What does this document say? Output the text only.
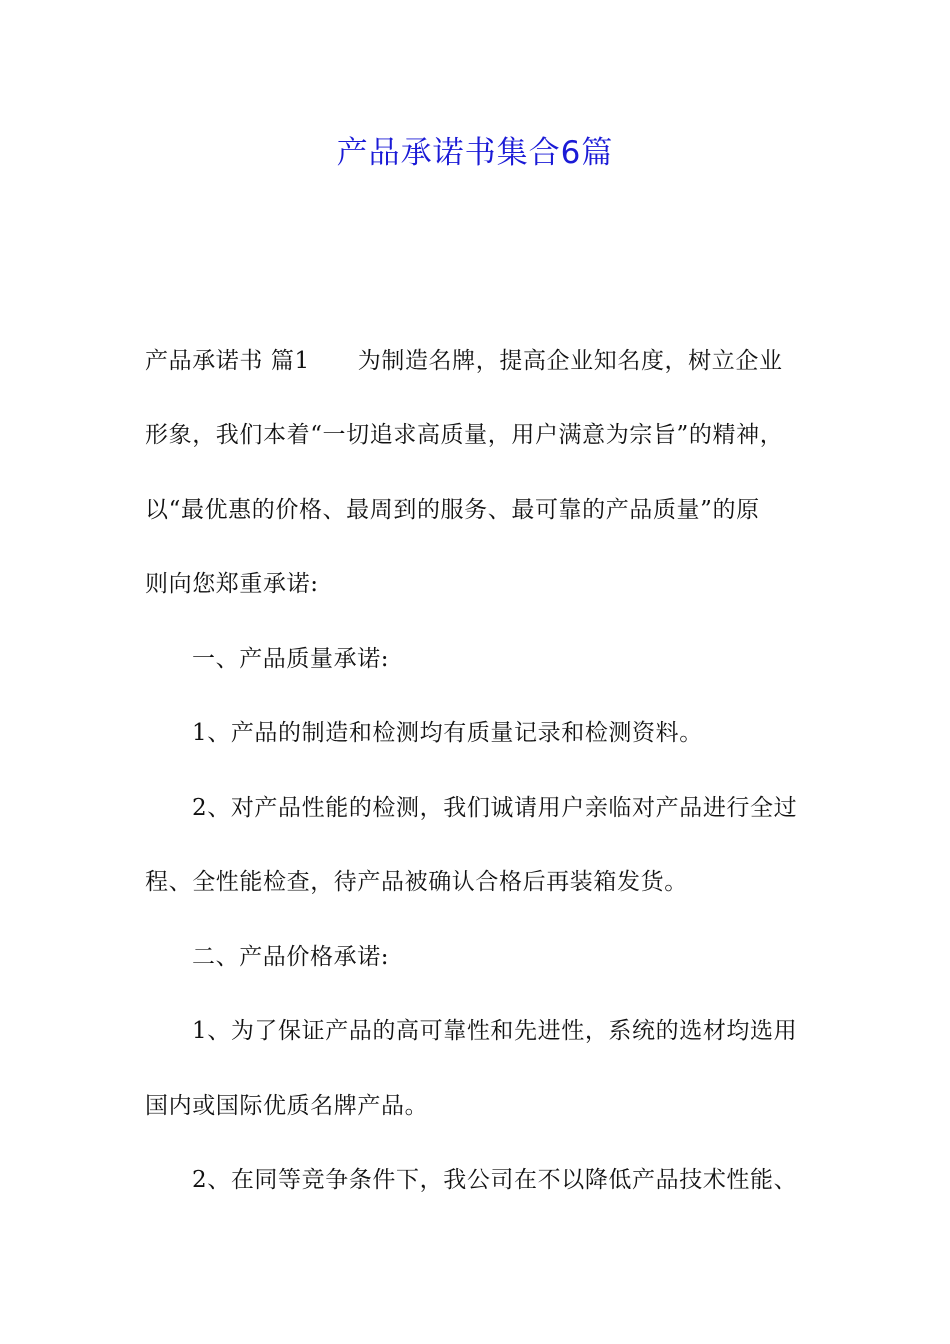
产品承诺书集合6篇
产品承诺书 篇1 为制造名牌，提高企业知名度，树立企业
形象，我们本着“一切追求高质量，用户满意为宗旨”的精神，
以“最优惠的价格、最周到的服务、最可靠的产品质量”的原
则向您郑重承诺:
一、产品质量承诺:
1、产品的制造和检测均有质量记录和检测资料。
2、对产品性能的检测，我们诚请用户亲临对产品进行全过
程、全性能检查，待产品被确认合格后再装箱发货。
二、产品价格承诺:
1、为了保证产品的高可靠性和先进性，系统的选材均选用
国内或国际优质名牌产品。
2、在同等竞争条件下，我公司在不以降低产品技术性能、
